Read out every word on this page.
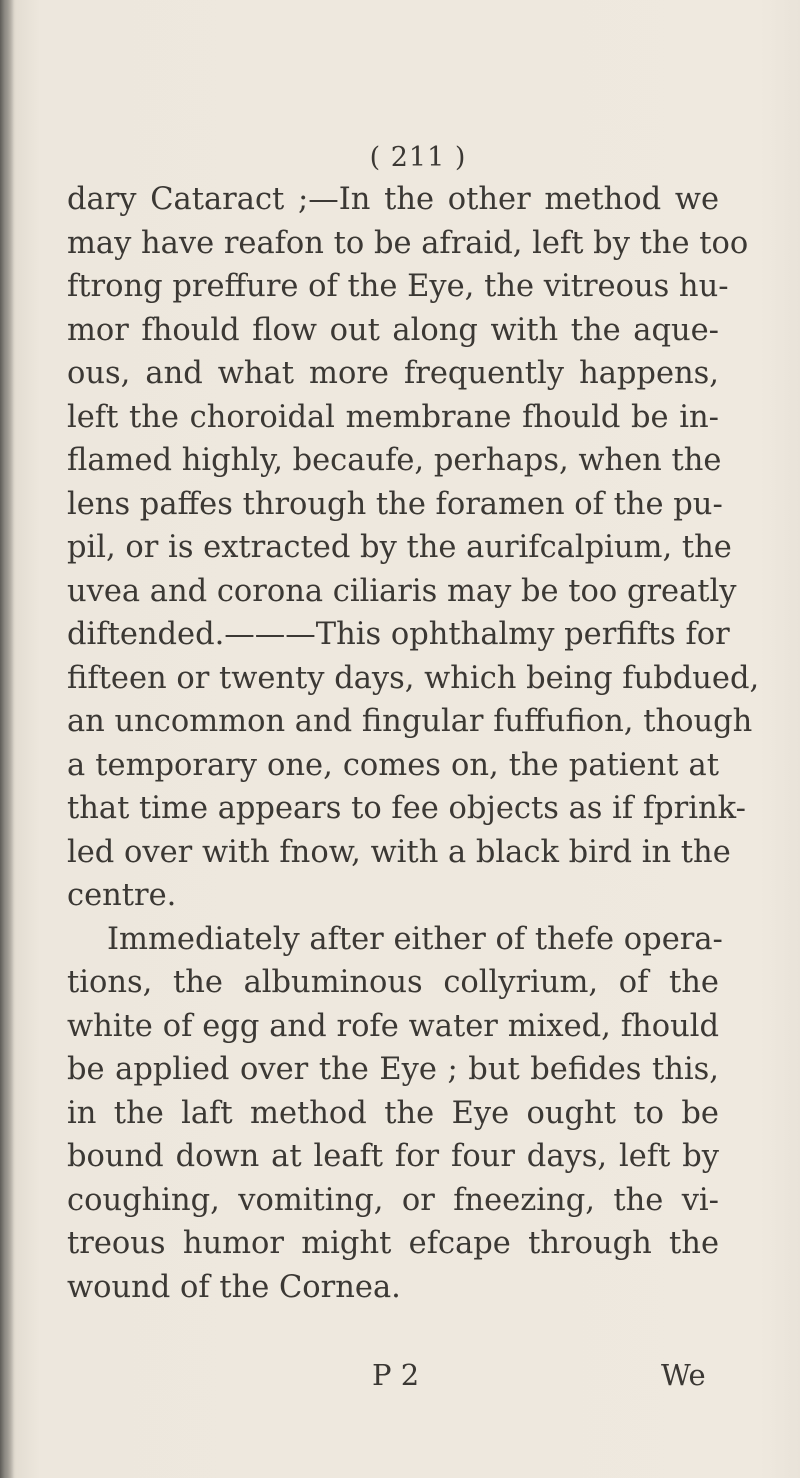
( 211 )
dary Cataract ;—In the other method we
may have reafon to be afraid, left by the too
ftrong preffure of the Eye, the vitreous hu-
mor fhould flow out along with the aque-
ous, and what more frequently happens,
left the choroidal membrane fhould be in-
flamed highly, becaufe, perhaps, when the
lens paffes through the foramen of the pu-
pil, or is extracted by the aurifcalpium, the
uvea and corona ciliaris may be too greatly
diftended.———This ophthalmy perfifts for
fifteen or twenty days, which being fubdued,
an uncommon and fingular fuffufion, though
a temporary one, comes on, the patient at
that time appears to fee objects as if fprink-
led over with fnow, with a black bird in the
centre.
Immediately after either of thefe opera-
tions, the albuminous collyrium, of the
white of egg and rofe water mixed, fhould
be applied over the Eye ; but befides this,
in the laft method the Eye ought to be
bound down at leaft for four days, left by
coughing, vomiting, or fneezing, the vi-
treous humor might efcape through the
wound of the Cornea.
P 2	We
